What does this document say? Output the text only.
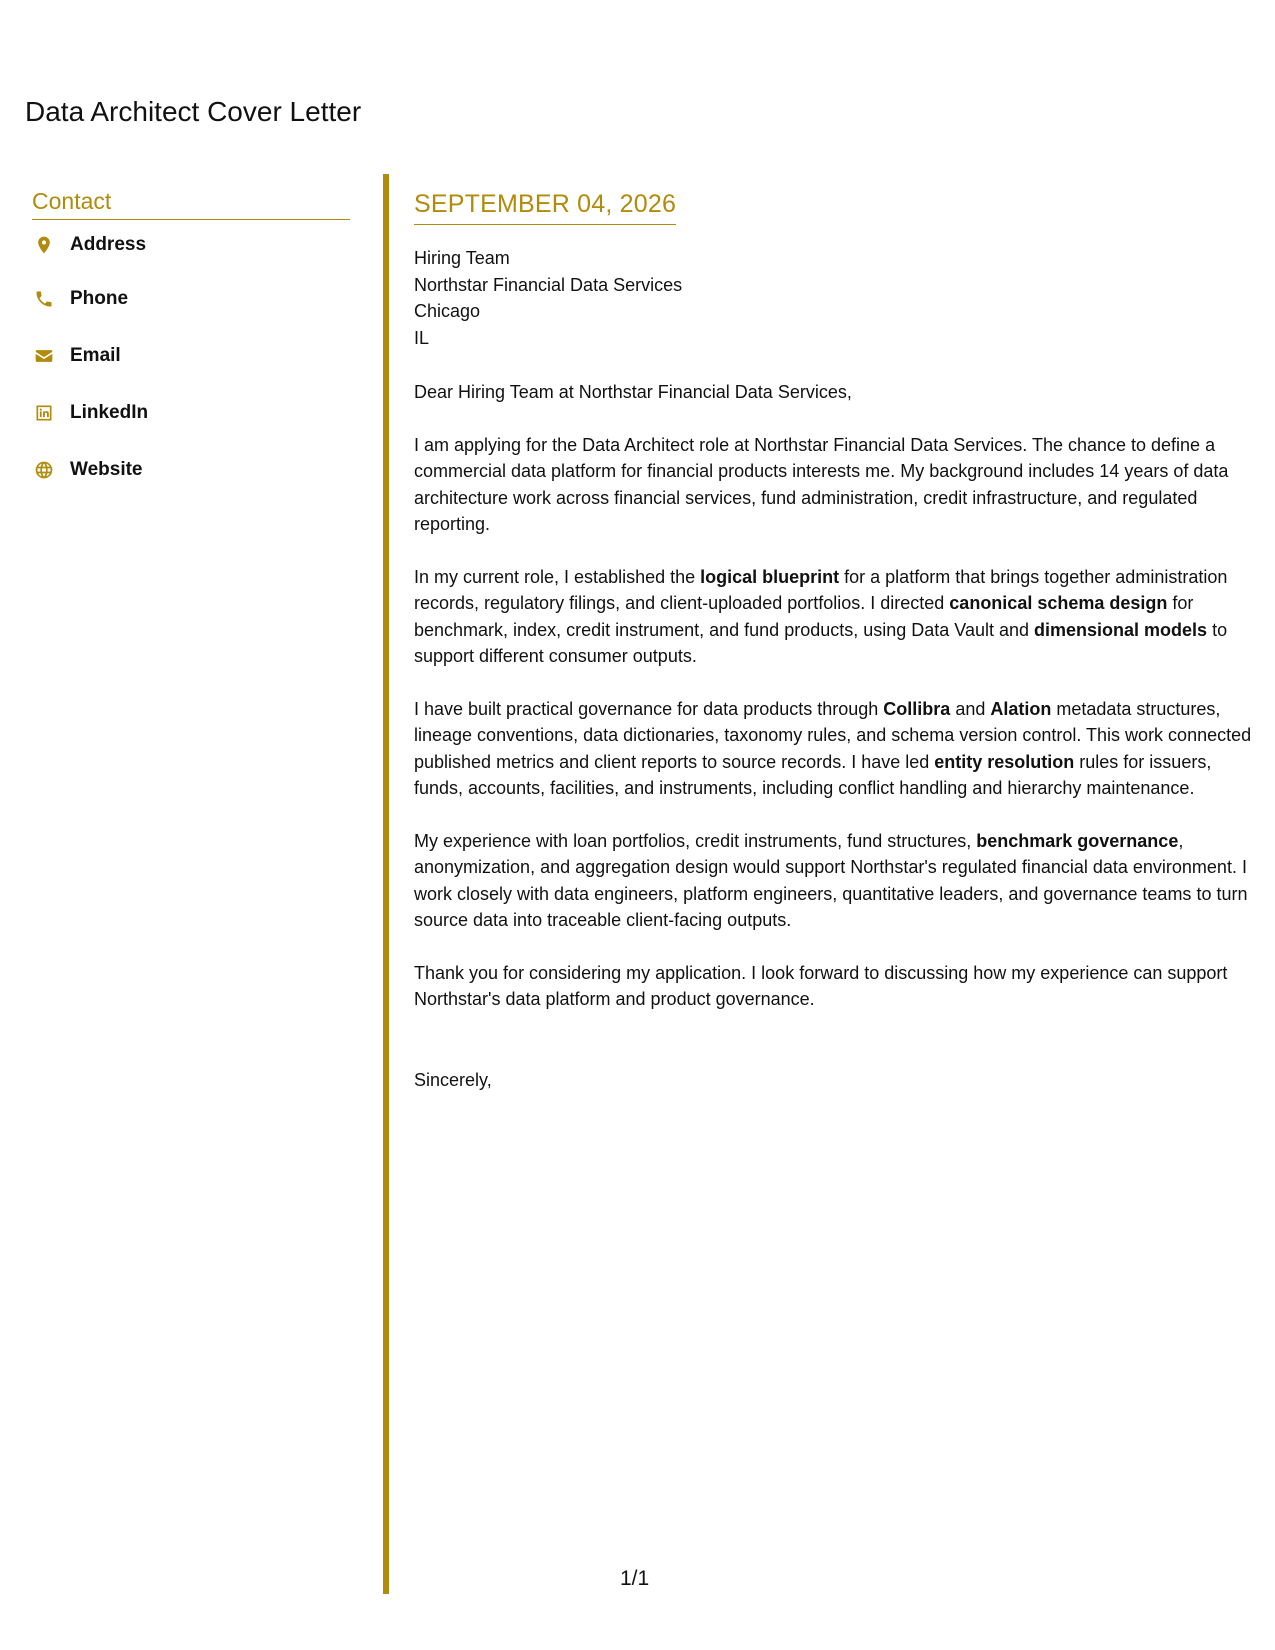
Data Architect Cover Letter
Contact
Address
Phone
Email
LinkedIn
Website
SEPTEMBER 04, 2026
Hiring Team
Northstar Financial Data Services
Chicago
IL
Dear Hiring Team at Northstar Financial Data Services,

I am applying for the Data Architect role at Northstar Financial Data Services. The chance to define a commercial data platform for financial products interests me. My background includes 14 years of data architecture work across financial services, fund administration, credit infrastructure, and regulated reporting.

In my current role, I established the logical blueprint for a platform that brings together administration records, regulatory filings, and client-uploaded portfolios. I directed canonical schema design for benchmark, index, credit instrument, and fund products, using Data Vault and dimensional models to support different consumer outputs.

I have built practical governance for data products through Collibra and Alation metadata structures, lineage conventions, data dictionaries, taxonomy rules, and schema version control. This work connected published metrics and client reports to source records. I have led entity resolution rules for issuers, funds, accounts, facilities, and instruments, including conflict handling and hierarchy maintenance.

My experience with loan portfolios, credit instruments, fund structures, benchmark governance, anonymization, and aggregation design would support Northstar's regulated financial data environment. I work closely with data engineers, platform engineers, quantitative leaders, and governance teams to turn source data into traceable client-facing outputs.

Thank you for considering my application. I look forward to discussing how my experience can support Northstar's data platform and product governance.

Sincerely,
1/1
